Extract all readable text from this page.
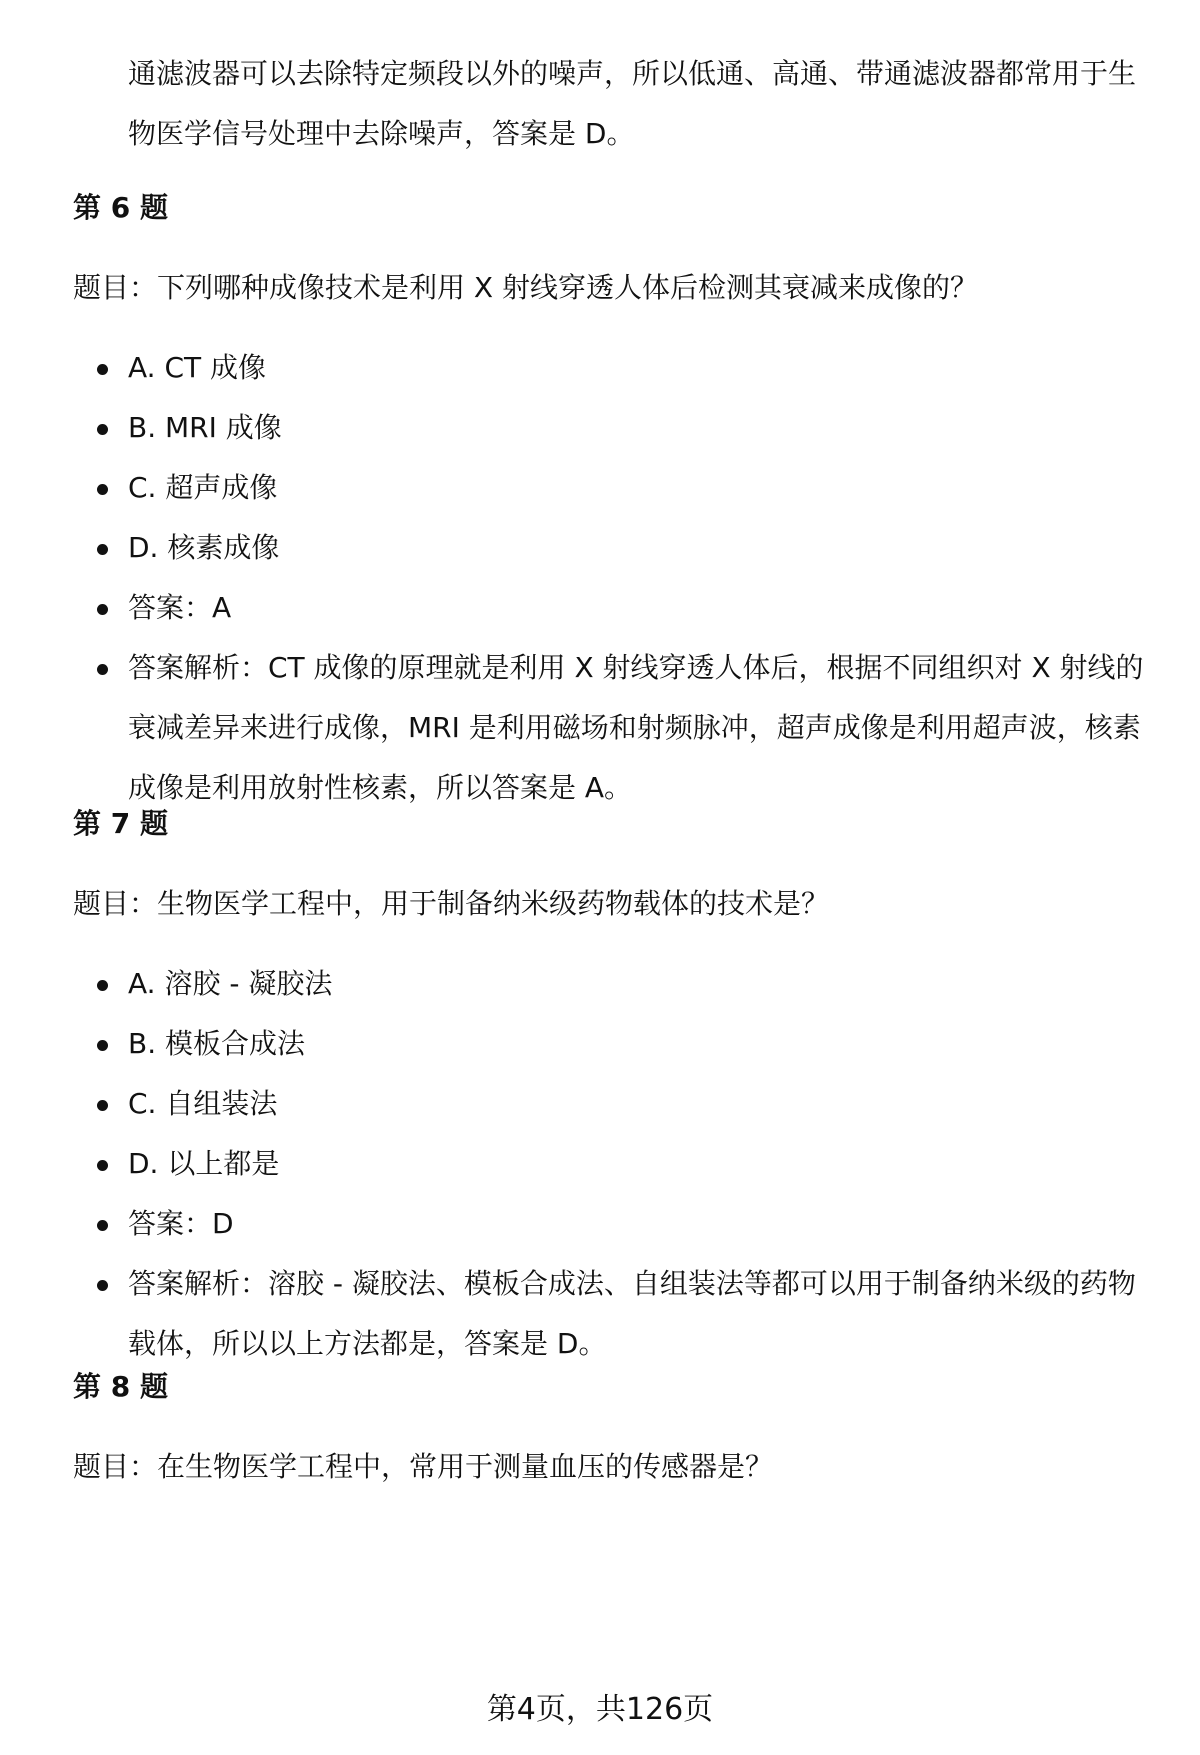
通滤波器可以去除特定频段以外的噪声，所以低通、高通、带通滤波器都常用于生物医学信号处理中去除噪声，答案是 D。

第 6 题

题目：下列哪种成像技术是利用 X 射线穿透人体后检测其衰减来成像的？

A. CT 成像
B. MRI 成像
C. 超声成像
D. 核素成像
答案：A
答案解析：CT 成像的原理就是利用 X 射线穿透人体后，根据不同组织对 X 射线的衰减差异来进行成像，MRI 是利用磁场和射频脉冲，超声成像是利用超声波，核素成像是利用放射性核素，所以答案是 A。
第 7 题

题目：生物医学工程中，用于制备纳米级药物载体的技术是？

A. 溶胶 - 凝胶法
B. 模板合成法
C. 自组装法
D. 以上都是
答案：D
答案解析：溶胶 - 凝胶法、模板合成法、自组装法等都可以用于制备纳米级的药物载体，所以以上方法都是，答案是 D。
第 8 题

题目：在生物医学工程中，常用于测量血压的传感器是？

第4页，共126页
